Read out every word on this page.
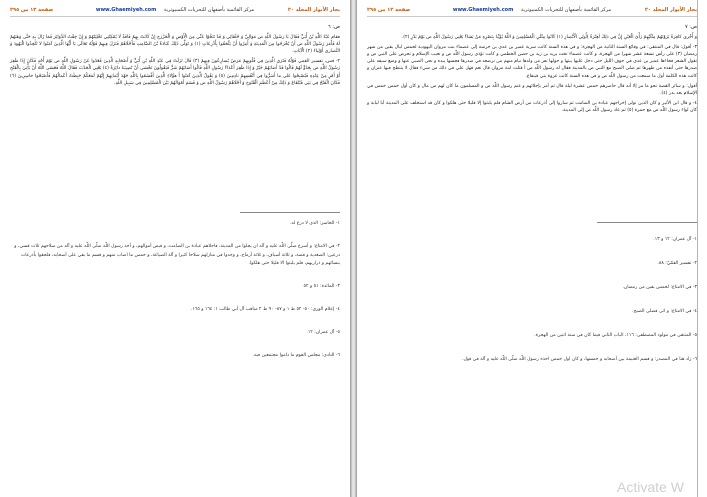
بحار الأنوار المجلد ٢٠
مركز القائمية بأصفهان للتحريات الكمبيوترية www.Ghaemiyeh.com
صفحة ١٣ من ٢٩٥

ص: ٦

فقام عَبْدُ اللَّهِ بْنُ أُبَيٍّ فَقَالَ يَا رَسُولَ اللَّهِ ص مَوَالِيَّ وَ حُلَفَائِي وَ قَدْ تَنَحَّوْا عَنِّي مِنَ الْأَوْسِ وَ الْخَزْرَجِ إِنْ كَانَتْ بِهِمْ فَاقَةٌ لَا يُمْكِنُنِي تَخْلِيَتُهُمْ وَ إِنْ خِفْتُ الدَّوَائِرَ فَمَا زَالَ بِهِ حَتَّى وَهَبَهُمْ لَهُ فَأَمَرَ رَسُولُ اللَّهِ ص أَنْ يُخْرَجُوا مِنَ الْمَدِينَةِ وَ أُمِرُوا أَنْ يَلْحَقُوا بِأَذْرِعَاتٍ (١) وَ تَوَلَّى ذَلِكَ عُبَادَةُ بْنُ الصَّامِتِ فَأَجْلَاهُمْ فَنَزَلَ فِيهِمْ قَوْلُهُ تَعَالَى يَا أَيُّهَا الَّذِينَ آمَنُوا لا تَتَّخِذُوا الْيَهُودَ وَ النَّصارى أَوْلِياءَ (٢) الْآيَاتِ.

٢- فس، تفسير القمي قَوْلُهُ فَتَرَى الَّذِينَ فِي قُلُوبِهِمْ مَرَضٌ يُسارِعُونَ فِيهِمْ (٣) قَالَ نَزَلَتْ فِي عَبْدِ اللَّهِ بْنِ أُبَيٍّ وَ أَصْحَابِهِ الَّذِينَ قَعَدُوا عَنْ رَسُولِ اللَّهِ ص يَوْمَ أُحُدٍ فَكَانَ إِذَا ظَفِرَ رَسُولُ اللَّهِ ص بِعَدُوٍّ لَهُمْ قَالُوا قَدْ أَصَابَهُمْ خَيْرٌ وَ إِذَا ظَفِرَ أَعْدَاءُ رَسُولِ اللَّهِ قَالُوا أَصَابَهُمْ شَرٌّ فَيَقُولُونَ نَخْشى أَنْ تُصِيبَنا دائِرَةٌ (٤) يَعْنِي الْجَدْبَ فَقَالَ اللَّهُ فَعَسَى اللَّهُ أَنْ يَأْتِيَ بِالْفَتْحِ أَوْ أَمْرٍ مِنْ عِنْدِهِ فَيُصْبِحُوا عَلى ما أَسَرُّوا فِي أَنْفُسِهِمْ نادِمِينَ (٥) وَ يَقُولُ الَّذِينَ آمَنُوا أَ هؤُلاءِ الَّذِينَ أَقْسَمُوا بِاللَّهِ جَهْدَ أَيْمانِهِمْ إِنَّهُمْ لَمَعَكُمْ حَبِطَتْ أَعْمالُهُمْ فَأَصْبَحُوا خاسِرِينَ (٦) فَكَانَ الْفَتْحُ فِي بَنِي قَيْنُقَاعَ وَ ذَلِكَ مِنْ أَعْظَمِ الْفُتُوحِ وَ أَجْلَاهُمْ رَسُولُ اللَّهِ ص وَ قَسَمَ أَمْوَالَهُمْ بَيْنَ الْمُسْلِمِينَ فِي سَبِيلِ اللَّهِ.

١- الحاسر: الذي لا درع له.

٢- في الامتاع: و أسرع صلّى اللّه عليه و آله ان يجلوا من المدينة، فاجلاهم عبادة بن الصامت، و قبض أموالهم، و أخذ رسول اللّه صلّى اللّه عليه و آله من سلاحهم ثلاث قسي، و درعين: الصغدية و فضة، و ثلاثة أسياف، و ثلاثة أرماح، و وجدوا في منازلهم سلاحا كثيرا و آلة الصياغة، و خمس ما اصاب منهم و قسم ما بقي على أصحابه، فلحقوا بأذرعات بنسائهم و ذراريهم، فلم يلبثوا الا قليلا حتى هلكوا.

٣- المائدة: ٥١ و ٥٢

٤- إعلام الورى: ٥٠- ٥٢ ط ١ و ٨٧- ٩٠ ط ٢ مناقب آل أبي طالب ١: ١٦٤ و ١٦٥.

٥- آل عمران: ١٢.

٦- النادي: مجلس القوم ما داموا مجتمعين فيه.

بحار الأنوار المجلد ٢٠
مركز القائمية بأصفهان للتحريات الكمبيوترية www.Ghaemiyeh.com
صفحة ١٢ من ٢٩٥

ص: ٧

وَ أُخْرى كافِرَةٌ يَرَوْنَهُمْ مِثْلَيْهِمْ رَأْيَ الْعَيْنِ إِنَّ فِي ذلِكَ لَعِبْرَةً لِأُولِي الْأَبْصارِ (١) كَانُوا مِثْلَيِ الْمُسْلِمِينَ وَ اللَّهُ يُؤَيِّدُ بِنَصْرِهِ مَنْ يَشاءُ يَعْنِي رَسُولَ اللَّهِ ص يَوْمَ بَدْرٍ (٢).

٣- أقول: قال في المنتقى: في وقائع السنة الثانية من الهجرة: و في هذه السنة كانت سرية عمير بن عدي بن خرشة إلى عصماء بنت مروان اليهودية لخمس ليال بقين من شهر رمضان (٣) على رأس تسعة عشر شهرا من الهجرة، و كانت عصماء تحت يزيد بن زيد بن حصن الخطمي و كانت تؤذي رسول اللّه ص و تعيب الإسلام و تحرض على النبي ص و تقول الشعر فجاءها عمير بن عدي في جوف الليل حتى دخل عليها بيتها و حولها نفر من ولدها نيام منهم من ترضعه في صدرها فجسها بيده و نحى الصبي عنها و وضع سيفه على صدرها حتى أنفذه من ظهرها ثم صلى الصبح مع النبي ص بالمدينة فقال له رسول اللّه ص أ قتلت ابنة مروان قال نعم فهل علي في ذلك من شي‌ء فقال لا ينتطح فيها عنزان و كانت هذه الكلمة أول ما سمعت من رسول اللّه ص و في هذه السنة كانت غزوة بني قينقاع.

أقول: و سائر القصة نحو ما مر إلا أنه قال حاصرهم خمس عشرة ليلة قال ثم أمر بإجلائهم و غنم رسول اللّه ص و المسلمون ما كان لهم من مال و كان أول خمس خمس في الإسلام بعد بدر (٤).

٤- و قال ابن الأثير و كان الذين تولى إخراجهم عبادة بن الصامت ثم ساروا إلى أذرعات من أرض الشام فلم يلبثوا إلا قليلا حتى هلكوا و كان قد استخلف على المدينة أبا لبابة و كان لواء رسول اللّه ص مع حمزة (٥) ثم عاد رسول اللّه ص إلى المدينة.

١- آل عمران: ١٢ و ١٣.

٢- تفسير القمّيّ: ٨٨.

٣- في الامتاع: لخمس بقين من رمضان.

٤- في الامتاع: و اتى فصلى الصبح.

٥- المنتقى في مولود المصطفى: ١١٦، الباب الثاني فيما كان في سنة اثنين من الهجرة.

٦- زاد هنا في المصدر: و قسم الغنيمة بين أصحابه و خمسها، و كان اول خمس اخذه رسول اللّه صلّى اللّه عليه و آله في قول.

Activate W
